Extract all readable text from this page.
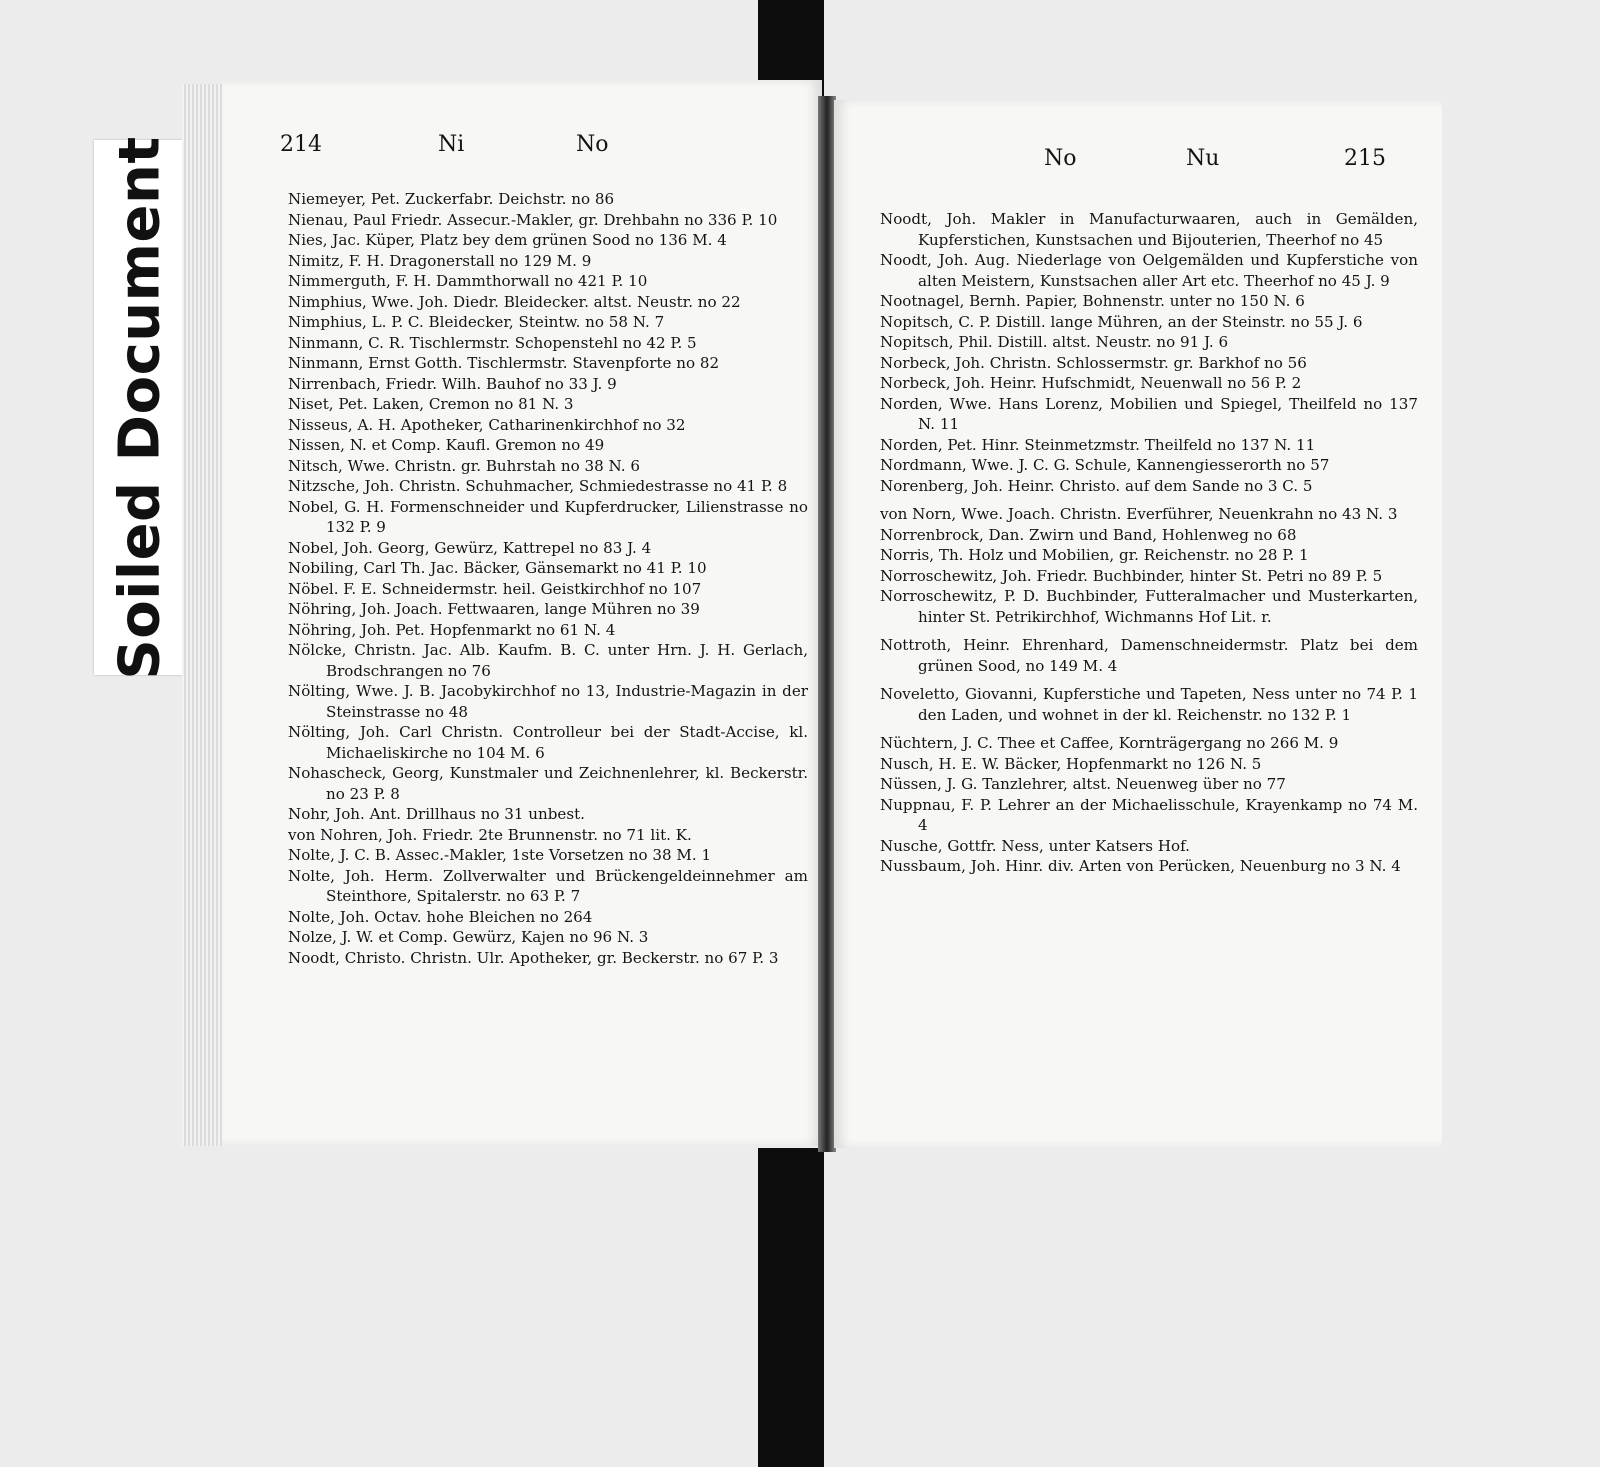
Soiled Document	214	Ni	No
Niemeyer, Pet. Zuckerfabr. Deichstr. no 86
Nienau, Paul Friedr. Assecur.-Makler, gr. Drehbahn no 336 P. 10
Nies, Jac. Küper, Platz bey dem grünen Sood no 136 M. 4
Nimitz, F. H. Dragonerstall no 129 M. 9
Nimmerguth, F. H. Dammthorwall no 421 P. 10
Nimphius, Wwe. Joh. Diedr. Bleidecker. altst. Neustr. no 22
Nimphius, L. P. C. Bleidecker, Steintw. no 58 N. 7
Ninmann, C. R. Tischlermstr. Schopenstehl no 42 P. 5
Ninmann, Ernst Gotth. Tischlermstr. Stavenpforte no 82
Nirrenbach, Friedr. Wilh. Bauhof no 33 J. 9
Niset, Pet. Laken, Cremon no 81 N. 3
Nisseus, A. H. Apotheker, Catharinenkirchhof no 32
Nissen, N. et Comp. Kaufl. Gremon no 49
Nitsch, Wwe. Christn. gr. Buhrstah no 38 N. 6
Nitzsche, Joh. Christn. Schuhmacher, Schmiedestrasse no 41 P. 8
Nobel, G. H. Formenschneider und Kupferdrucker, Lilienstrasse no 132 P. 9
Nobel, Joh. Georg, Gewürz, Kattrepel no 83 J. 4
Nobiling, Carl Th. Jac. Bäcker, Gänsemarkt no 41 P. 10
Nöbel. F. E. Schneidermstr. heil. Geistkirchhof no 107
Nöhring, Joh. Joach. Fettwaaren, lange Mühren no 39
Nöhring, Joh. Pet. Hopfenmarkt no 61 N. 4
Nölcke, Christn. Jac. Alb. Kaufm. B. C. unter Hrn. J. H. Gerlach, Brodschrangen no 76
Nölting, Wwe. J. B. Jacobykirchhof no 13, Industrie-Magazin in der Steinstrasse no 48
Nölting, Joh. Carl Christn. Controlleur bei der Stadt-Accise, kl. Michaeliskirche no 104 M. 6
Nohascheck, Georg, Kunstmaler und Zeichnenlehrer, kl. Beckerstr. no 23 P. 8
Nohr, Joh. Ant. Drillhaus no 31 unbest.
von Nohren, Joh. Friedr. 2te Brunnenstr. no 71 lit. K.
Nolte, J. C. B. Assec.-Makler, 1ste Vorsetzen no 38 M. 1
Nolte, Joh. Herm. Zollverwalter und Brückengeldeinnehmer am Steinthore, Spitalerstr. no 63 P. 7
Nolte, Joh. Octav. hohe Bleichen no 264
Nolze, J. W. et Comp. Gewürz, Kajen no 96 N. 3
Noodt, Christo. Christn. Ulr. Apotheker, gr. Beckerstr. no 67 P. 3
No	Nu	215
Noodt, Joh. Makler in Manufacturwaaren, auch in Gemälden, Kupferstichen, Kunstsachen und Bijouterien, Theerhof no 45
Noodt, Joh. Aug. Niederlage von Oelgemälden und Kupferstiche von alten Meistern, Kunstsachen aller Art etc. Theerhof no 45 J. 9
Nootnagel, Bernh. Papier, Bohnenstr. unter no 150 N. 6
Nopitsch, C. P. Distill. lange Mühren, an der Steinstr. no 55 J. 6
Nopitsch, Phil. Distill. altst. Neustr. no 91 J. 6
Norbeck, Joh. Christn. Schlossermstr. gr. Barkhof no 56
Norbeck, Joh. Heinr. Hufschmidt, Neuenwall no 56 P. 2
Norden, Wwe. Hans Lorenz, Mobilien und Spiegel, Theilfeld no 137 N. 11
Norden, Pet. Hinr. Steinmetzmstr. Theilfeld no 137 N. 11
Nordmann, Wwe. J. C. G. Schule, Kannengiesserorth no 57
Norenberg, Joh. Heinr. Christo. auf dem Sande no 3 C. 5
von Norn, Wwe. Joach. Christn. Everführer, Neuenkrahn no 43 N. 3
Norrenbrock, Dan. Zwirn und Band, Hohlenweg no 68
Norris, Th. Holz und Mobilien, gr. Reichenstr. no 28 P. 1
Norroschewitz, Joh. Friedr. Buchbinder, hinter St. Petri no 89 P. 5
Norroschewitz, P. D. Buchbinder, Futteralmacher und Musterkarten, hinter St. Petrikirchhof, Wichmanns Hof Lit. r.
Nottroth, Heinr. Ehrenhard, Damenschneidermstr. Platz bei dem grünen Sood, no 149 M. 4
Noveletto, Giovanni, Kupferstiche und Tapeten, Ness unter no 74 P. 1 den Laden, und wohnet in der kl. Reichenstr. no 132 P. 1
Nüchtern, J. C. Thee et Caffee, Kornträgergang no 266 M. 9
Nusch, H. E. W. Bäcker, Hopfenmarkt no 126 N. 5
Nüssen, J. G. Tanzlehrer, altst. Neuenweg über no 77
Nuppnau, F. P. Lehrer an der Michaelisschule, Krayenkamp no 74 M. 4
Nusche, Gottfr. Ness, unter Katsers Hof.
Nussbaum, Joh. Hinr. div. Arten von Perücken, Neuenburg no 3 N. 4
